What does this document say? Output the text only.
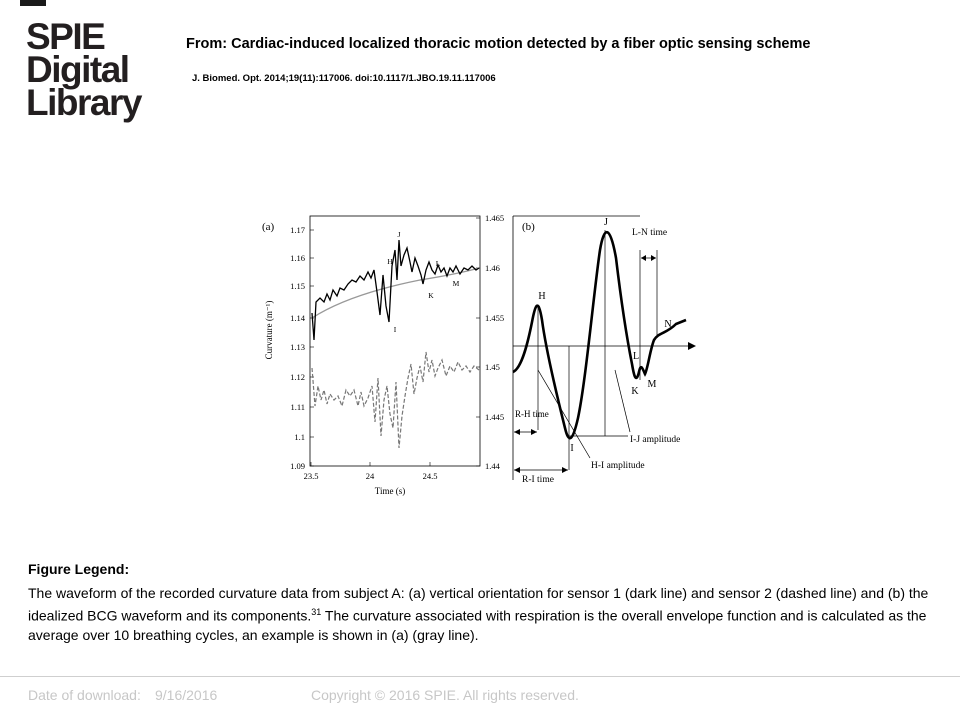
SPIE
Digital
Library
From: Cardiac-induced localized thoracic motion detected by a fiber optic sensing scheme
J. Biomed. Opt. 2014;19(11):117006. doi:10.1117/1.JBO.19.11.117006
(a) 1.17
1.16
1.15
1.14
1.13
1.12
1.11
1.1
1.09
1.465
1.46
1.455
1.45
1.445
1.44
23.5	24	24.5
Time (s)
Curvature (m⁻¹)
H
I
J
K
L
M
(b)
H
I
J
K
L
M
N
L-N time
R-H time
R-I time
I-J amplitude
H-I amplitude
Figure Legend:
The waveform of the recorded curvature data from subject A: (a) vertical orientation for sensor 1 (dark line) and sensor 2 (dashed line) and (b) the idealized BCG waveform and its components.$^{31}$ The curvature associated with respiration is the overall envelope function and is calculated as the average over 10 breathing cycles, an example is shown in (a) (gray line).
Date of download: 9/16/2016	Copyright © 2016 SPIE. All rights reserved.
